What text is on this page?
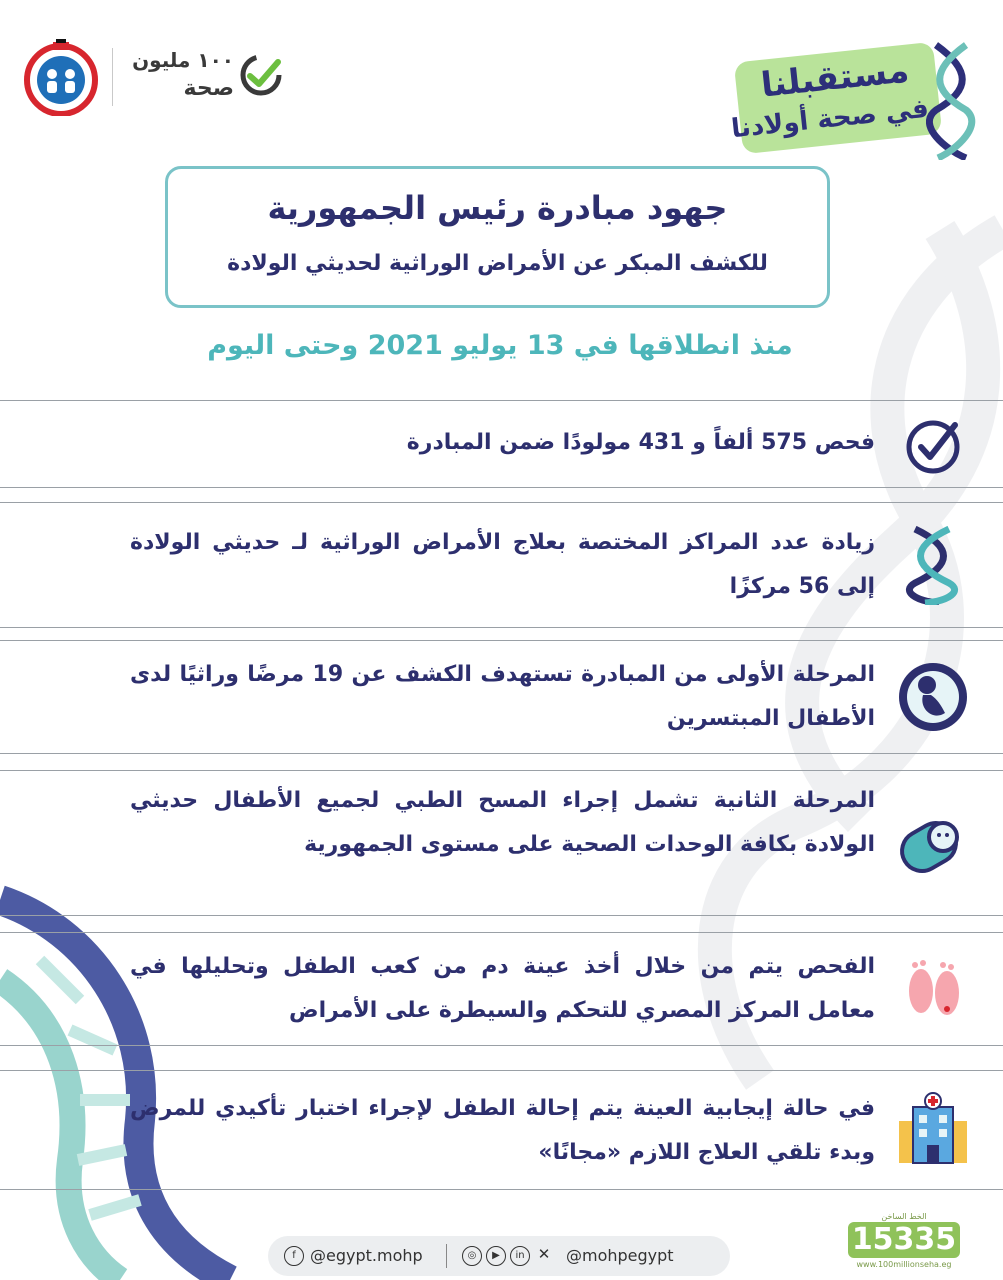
١٠٠ مليون
صحة	مستقبلنا
في صحة أولادنا
جهود مبادرة رئيس الجمهورية
للكشف المبكر عن الأمراض الوراثية لحديثي الولادة
منذ انطلاقها في 13 يوليو 2021 وحتى اليوم
فحص 575 ألفاً و 431 مولودًا ضمن المبادرة
زيادة عدد المراكز المختصة بعلاج الأمراض الوراثية لـ حديثي الولادة إلى 56 مركزًا
المرحلة الأولى من المبادرة تستهدف الكشف عن 19 مرضًا وراثيًا لدى الأطفال المبتسرين
المرحلة الثانية تشمل إجراء المسح الطبي لجميع الأطفال حديثي الولادة بكافة الوحدات الصحية على مستوى الجمهورية
الفحص يتم من خلال أخذ عينة دم من كعب الطفل وتحليلها في معامل المركز المصري للتحكم والسيطرة على الأمراض
في حالة إيجابية العينة يتم إحالة الطفل لإجراء اختبار تأكيدي للمرض وبدء تلقي العلاج اللازم «مجانًا»
f @egypt.mohp	◎	▶	in ✕ @mohpegypt
الخط الساخن
15335
www.100millionseha.eg
